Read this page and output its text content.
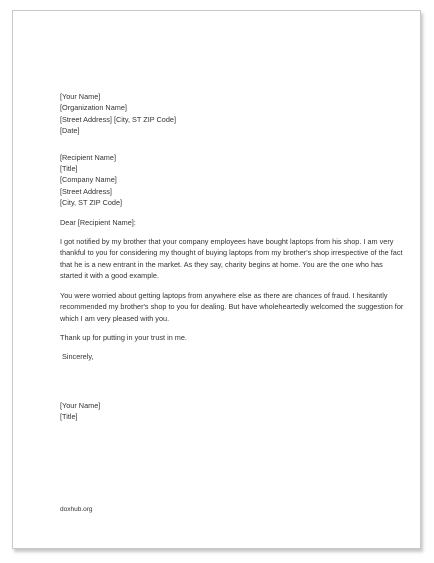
[Your Name]

[Organization Name]

[Street Address] [City, ST ZIP Code]

[Date]

[Recipient Name]

[Title]

[Company Name]

[Street Address]

[City, ST ZIP Code]

Dear [Recipient Name]:

I got notified by my brother that your company employees have bought laptops from his shop. I am very thankful to you for considering my thought of buying laptops from my brother's shop irrespective of the fact that he is a new entrant in the market. As they say, charity begins at home. You are the one who has started it with a good example.

You were worried about getting laptops from anywhere else as there are chances of fraud. I hesitantly recommended my brother's shop to you for dealing. But have wholeheartedly welcomed the suggestion for which I am very pleased with you.

Thank up for putting in your trust in me.

Sincerely,

[Your Name]

[Title]

doxhub.org
